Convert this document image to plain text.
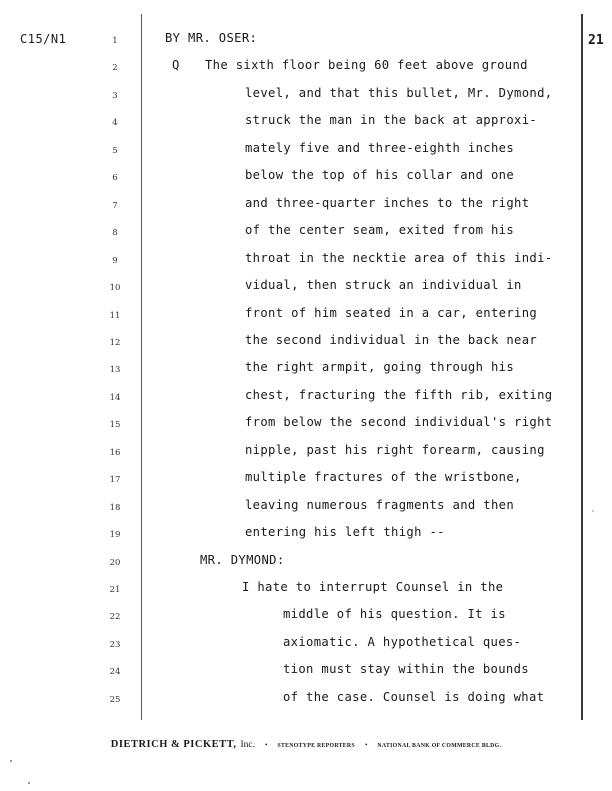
C15/N1	21
1
2
3
4
5
6
7
8
9
10
11
12
13
14
15
16
17
18
19
20
21
22
23
24
25
Q
BY MR. OSER:
The sixth floor being 60 feet above ground
level, and that this bullet, Mr. Dymond,
struck the man in the back at approxi-
mately five and three-eighth inches
below the top of his collar and one
and three-quarter inches to the right
of the center seam, exited from his
throat in the necktie area of this indi-
vidual, then struck an individual in
front of him seated in a car, entering
the second individual in the back near
the right armpit, going through his
chest, fracturing the fifth rib, exiting
from below the second individual's right
nipple, past his right forearm, causing
multiple fractures of the wristbone,
leaving numerous fragments and then
entering his left thigh --
MR. DYMOND:
I hate to interrupt Counsel in the
middle of his question. It is
axiomatic. A hypothetical ques-
tion must stay within the bounds
of the case. Counsel is doing what
DIETRICH & PICKETT, Inc. • STENOTYPE REPORTERS • NATIONAL BANK OF COMMERCE BLDG.
